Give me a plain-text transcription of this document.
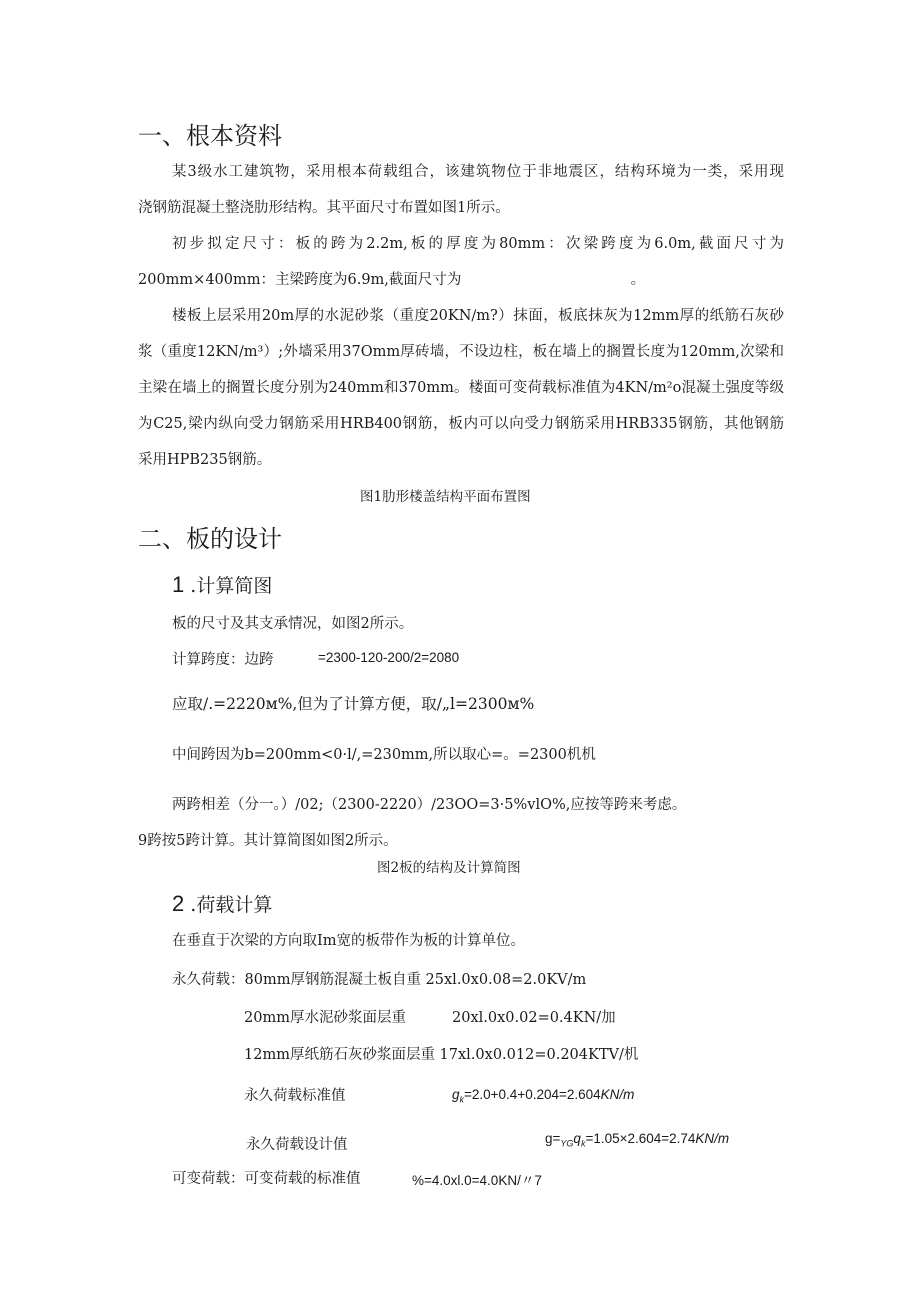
一、根本资料
某3级水工建筑物，采用根本荷载组合，该建筑物位于非地震区，结构环境为一类，采用现
浇钢筋混凝土整浇肋形结构。其平面尺寸布置如图1所示。
初步拟定尺寸：板的跨为2.2m,板的厚度为80mm：次梁跨度为6.0m,截面尺寸为
200mm×400mm：主梁跨度为6.9m,截面尺寸为	。
楼板上层采用20m厚的水泥砂浆（重度20KN∕m?）抹面，板底抹灰为12mm厚的纸筋石灰砂
浆（重度12KN∕m³）;外墙采用37Omm厚砖墙，不设边柱，板在墙上的搁置长度为120mm,次梁和
主梁在墙上的搁置长度分别为240mm和370mm。楼面可变荷载标准值为4KN∕m²o混凝土强度等级
为C25,梁内纵向受力钢筋采用HRB400钢筋，板内可以向受力钢筋采用HRB335钢筋，其他钢筋
采用HPB235钢筋。
图1肋形楼盖结构平面布置图
二、板的设计
1 .计算简图
板的尺寸及其支承情况，如图2所示。
计算跨度：边跨	=2300-120-200/2=2080
应取/.=2220ᴍ%,但为了计算方便，取/„l=2300ᴍ%
中间跨因为b=200mm<0·l/,=230mm,所以取心=。=2300机机
两跨相差（分一。）/02;（2300-2220）∕23OO=3·5%vlO%,应按等跨来考虑。
9跨按5跨计算。其计算简图如图2所示。
图2板的结构及计算简图
2 .荷载计算
在垂直于次梁的方向取Im宽的板带作为板的计算单位。
永久荷载：80mm厚钢筋混凝土板自重 25xl.0x0.08=2.0KV/m
20mm厚水泥砂浆面层重	20xl.0x0.02=0.4KN/加
12mm厚纸筋石灰砂浆面层重 17xl.0x0.012=0.204KTV/机
永久荷载标准值	$g_k=2.0+0.4+0.204=2.604KN/m$
永久荷载设计值	$g=_{YG}q_k=1.05\times 2.604=2.74KN/m$
可变荷载：可变荷载的标准值	%=4.0xl.0=4.0KN/〃7
